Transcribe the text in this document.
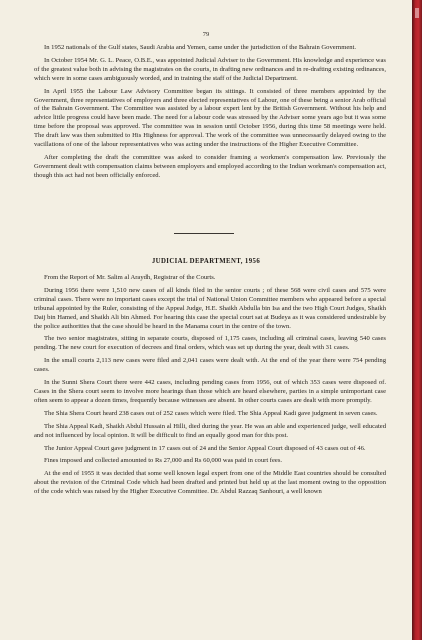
79

In 1952 nationals of the Gulf states, Saudi Arabia and Yemen, came under the jurisdiction of the Bahrain Government.

In October 1954 Mr. G. L. Peace, O.B.E., was appointed Judicial Adviser to the Government. His knowledge and experience was of the greatest value both in advising the magistrates on the courts, in drafting new ordinances and in re-drafting existing ordinances, which were in some cases ambiguously worded, and in training the staff of the Judicial Department.

In April 1955 the Labour Law Advisory Committee began its sittings. It consisted of three members appointed by the Government, three representatives of employers and three elected representatives of Labour, one of these being a senior Arab official of the Bahrain Government. The Committee was assisted by a labour expert lent by the British Government. Without his help and advice little progress could have been made. The need for a labour code was stressed by the Adviser some years ago but it was some time before the proposal was approved. The committee was in session until October 1956, during this time 58 meetings were held. The draft law was then submitted to His Highness for approval. The work of the committee was unnecessarily delayed owing to the vacillations of one of the labour representatives who was acting under the instructions of the Higher Executive Committee.

After completing the draft the committee was asked to consider framing a workmen's compensation law. Previously the Government dealt with compensation claims between employers and employed according to the Indian workman's compensation act, though this act had not been officially enforced.

JUDICIAL DEPARTMENT, 1956

From the Report of Mr. Salim al Araydh, Registrar of the Courts.

During 1956 there were 1,510 new cases of all kinds filed in the senior courts ; of these 568 were civil cases and 575 were criminal cases. There were no important cases except the trial of National Union Committee members who appeared before a special tribunal appointed by the Ruler, consisting of the Appeal Judge, H.E. Shaikh Abdulla bin Isa and the two High Court Judges, Shaikh Daij bin Hamed, and Shaikh Ali bin Ahmed. For hearing this case the special court sat at Budeya as it was considered undesirable by the police authorities that the case should be heard in the Manama court in the centre of the town.

The two senior magistrates, sitting in separate courts, disposed of 1,175 cases, including all criminal cases, leaving 540 cases pending. The new court for execution of decrees and final orders, which was set up during the year, dealt with 31 cases.

In the small courts 2,113 new cases were filed and 2,041 cases were dealt with. At the end of the year there were 754 pending cases.

In the Sunni Shera Court there were 442 cases, including pending cases from 1956, out of which 353 cases were disposed of. Cases in the Shera court seem to involve more hearings than those which are heard elsewhere, parties in a simple unimportant case often seem to appear a dozen times, frequently because witnesses are absent. In other courts cases are dealt with more promptly.

The Shia Shera Court heard 238 cases out of 252 cases which were filed. The Shia Appeal Kadi gave judgment in seven cases.

The Shia Appeal Kadi, Shaikh Abdul Hussain al Hilli, died during the year. He was an able and experienced judge, well educated and not influenced by local opinion. It will be difficult to find an equally good man for this post.

The Junior Appeal Court gave judgment in 17 cases out of 24 and the Senior Appeal Court disposed of 43 cases out of 46.

Fines imposed and collected amounted to Rs 27,000 and Rs 60,000 was paid in court fees.

At the end of 1955 it was decided that some well known legal expert from one of the Middle East countries should be consulted about the revision of the Criminal Code which had been drafted and printed but held up at the last moment owing to the opposition of the code which was raised by the Higher Executive Committee. Dr. Abdul Razzaq Sanhouri, a well known
